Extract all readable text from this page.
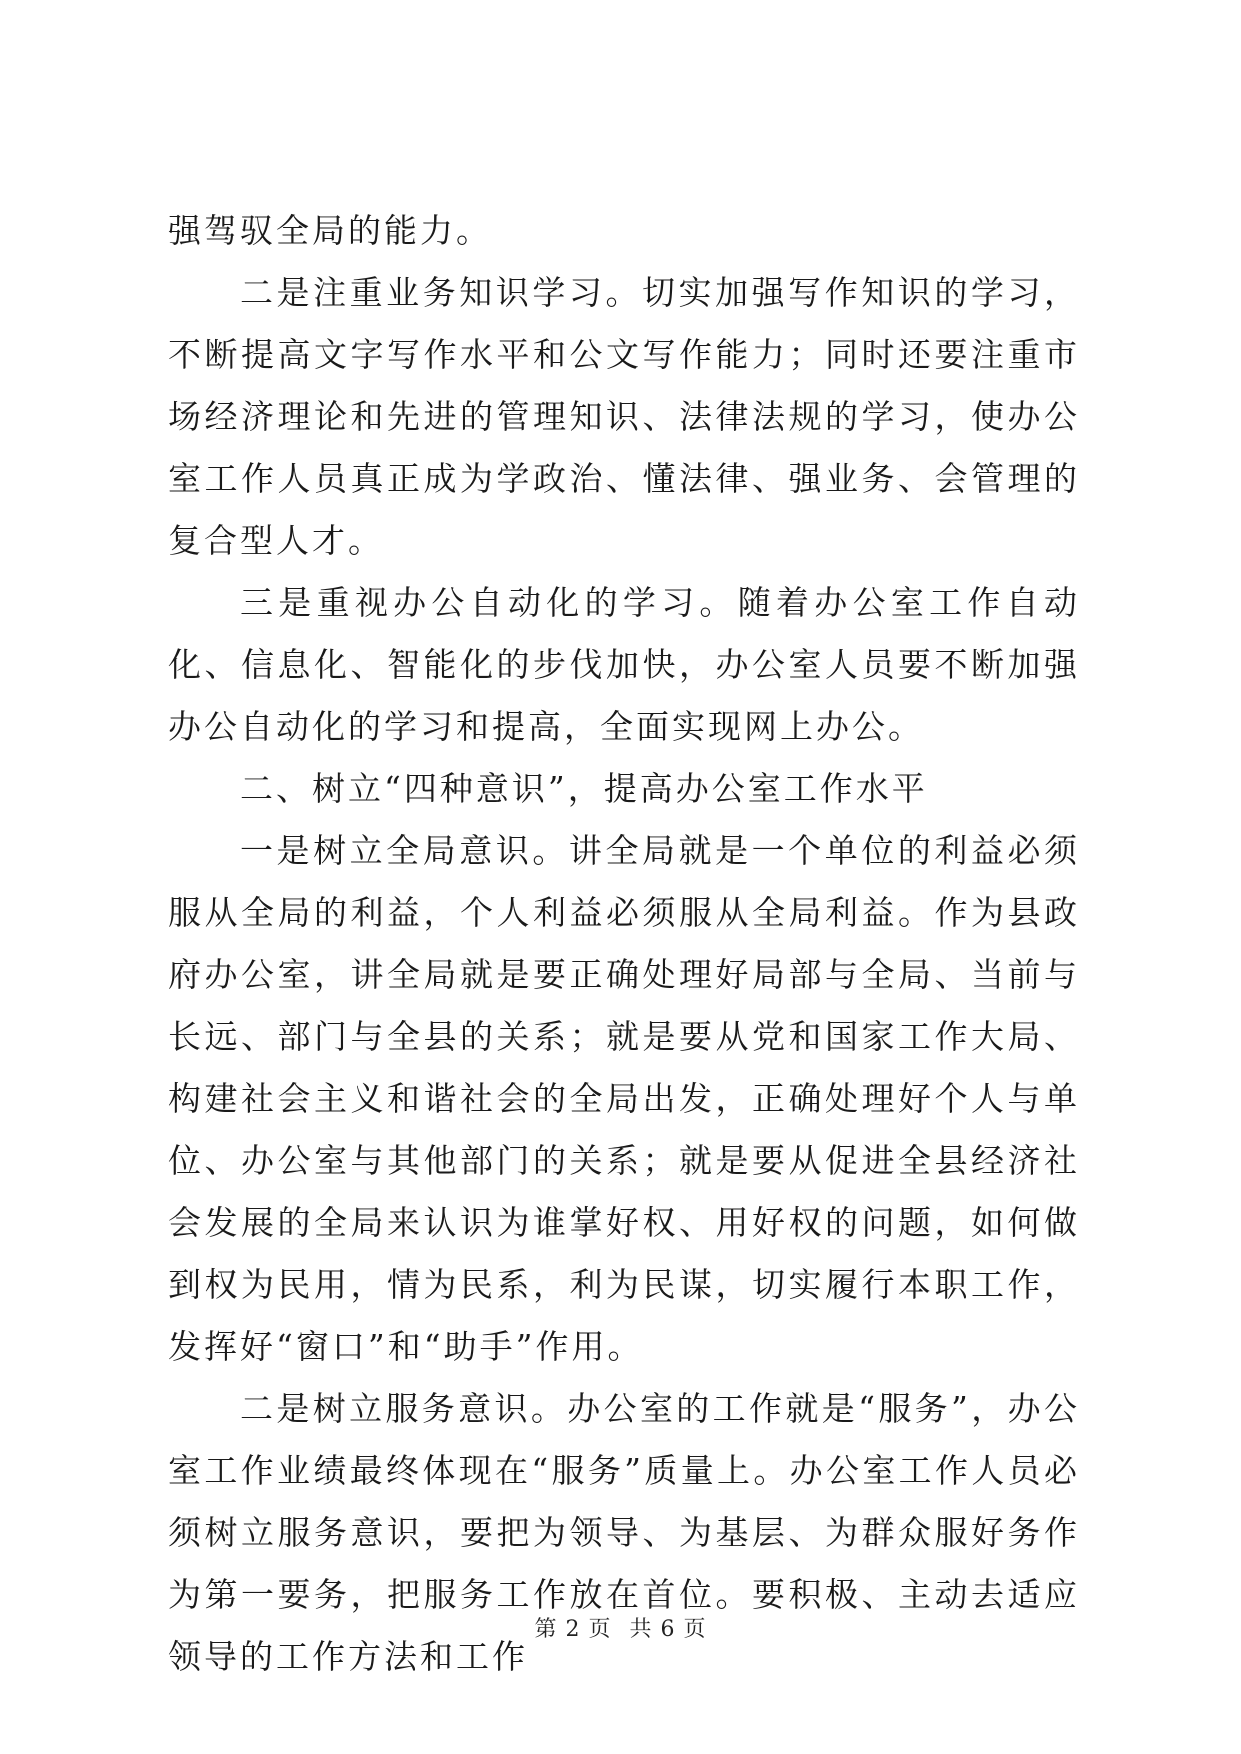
强驾驭全局的能力。

二是注重业务知识学习。切实加强写作知识的学习，不断提高文字写作水平和公文写作能力；同时还要注重市场经济理论和先进的管理知识、法律法规的学习，使办公室工作人员真正成为学政治、懂法律、强业务、会管理的复合型人才。

三是重视办公自动化的学习。随着办公室工作自动化、信息化、智能化的步伐加快，办公室人员要不断加强办公自动化的学习和提高，全面实现网上办公。

二、树立“四种意识”，提高办公室工作水平

一是树立全局意识。讲全局就是一个单位的利益必须服从全局的利益，个人利益必须服从全局利益。作为县政府办公室，讲全局就是要正确处理好局部与全局、当前与长远、部门与全县的关系；就是要从党和国家工作大局、构建社会主义和谐社会的全局出发，正确处理好个人与单位、办公室与其他部门的关系；就是要从促进全县经济社会发展的全局来认识为谁掌好权、用好权的问题，如何做到权为民用，情为民系，利为民谋，切实履行本职工作，发挥好“窗口”和“助手”作用。

二是树立服务意识。办公室的工作就是“服务”，办公室工作业绩最终体现在“服务”质量上。办公室工作人员必须树立服务意识，要把为领导、为基层、为群众服好务作为第一要务，把服务工作放在首位。要积极、主动去适应领导的工作方法和工作

第 2 页 共 6 页
